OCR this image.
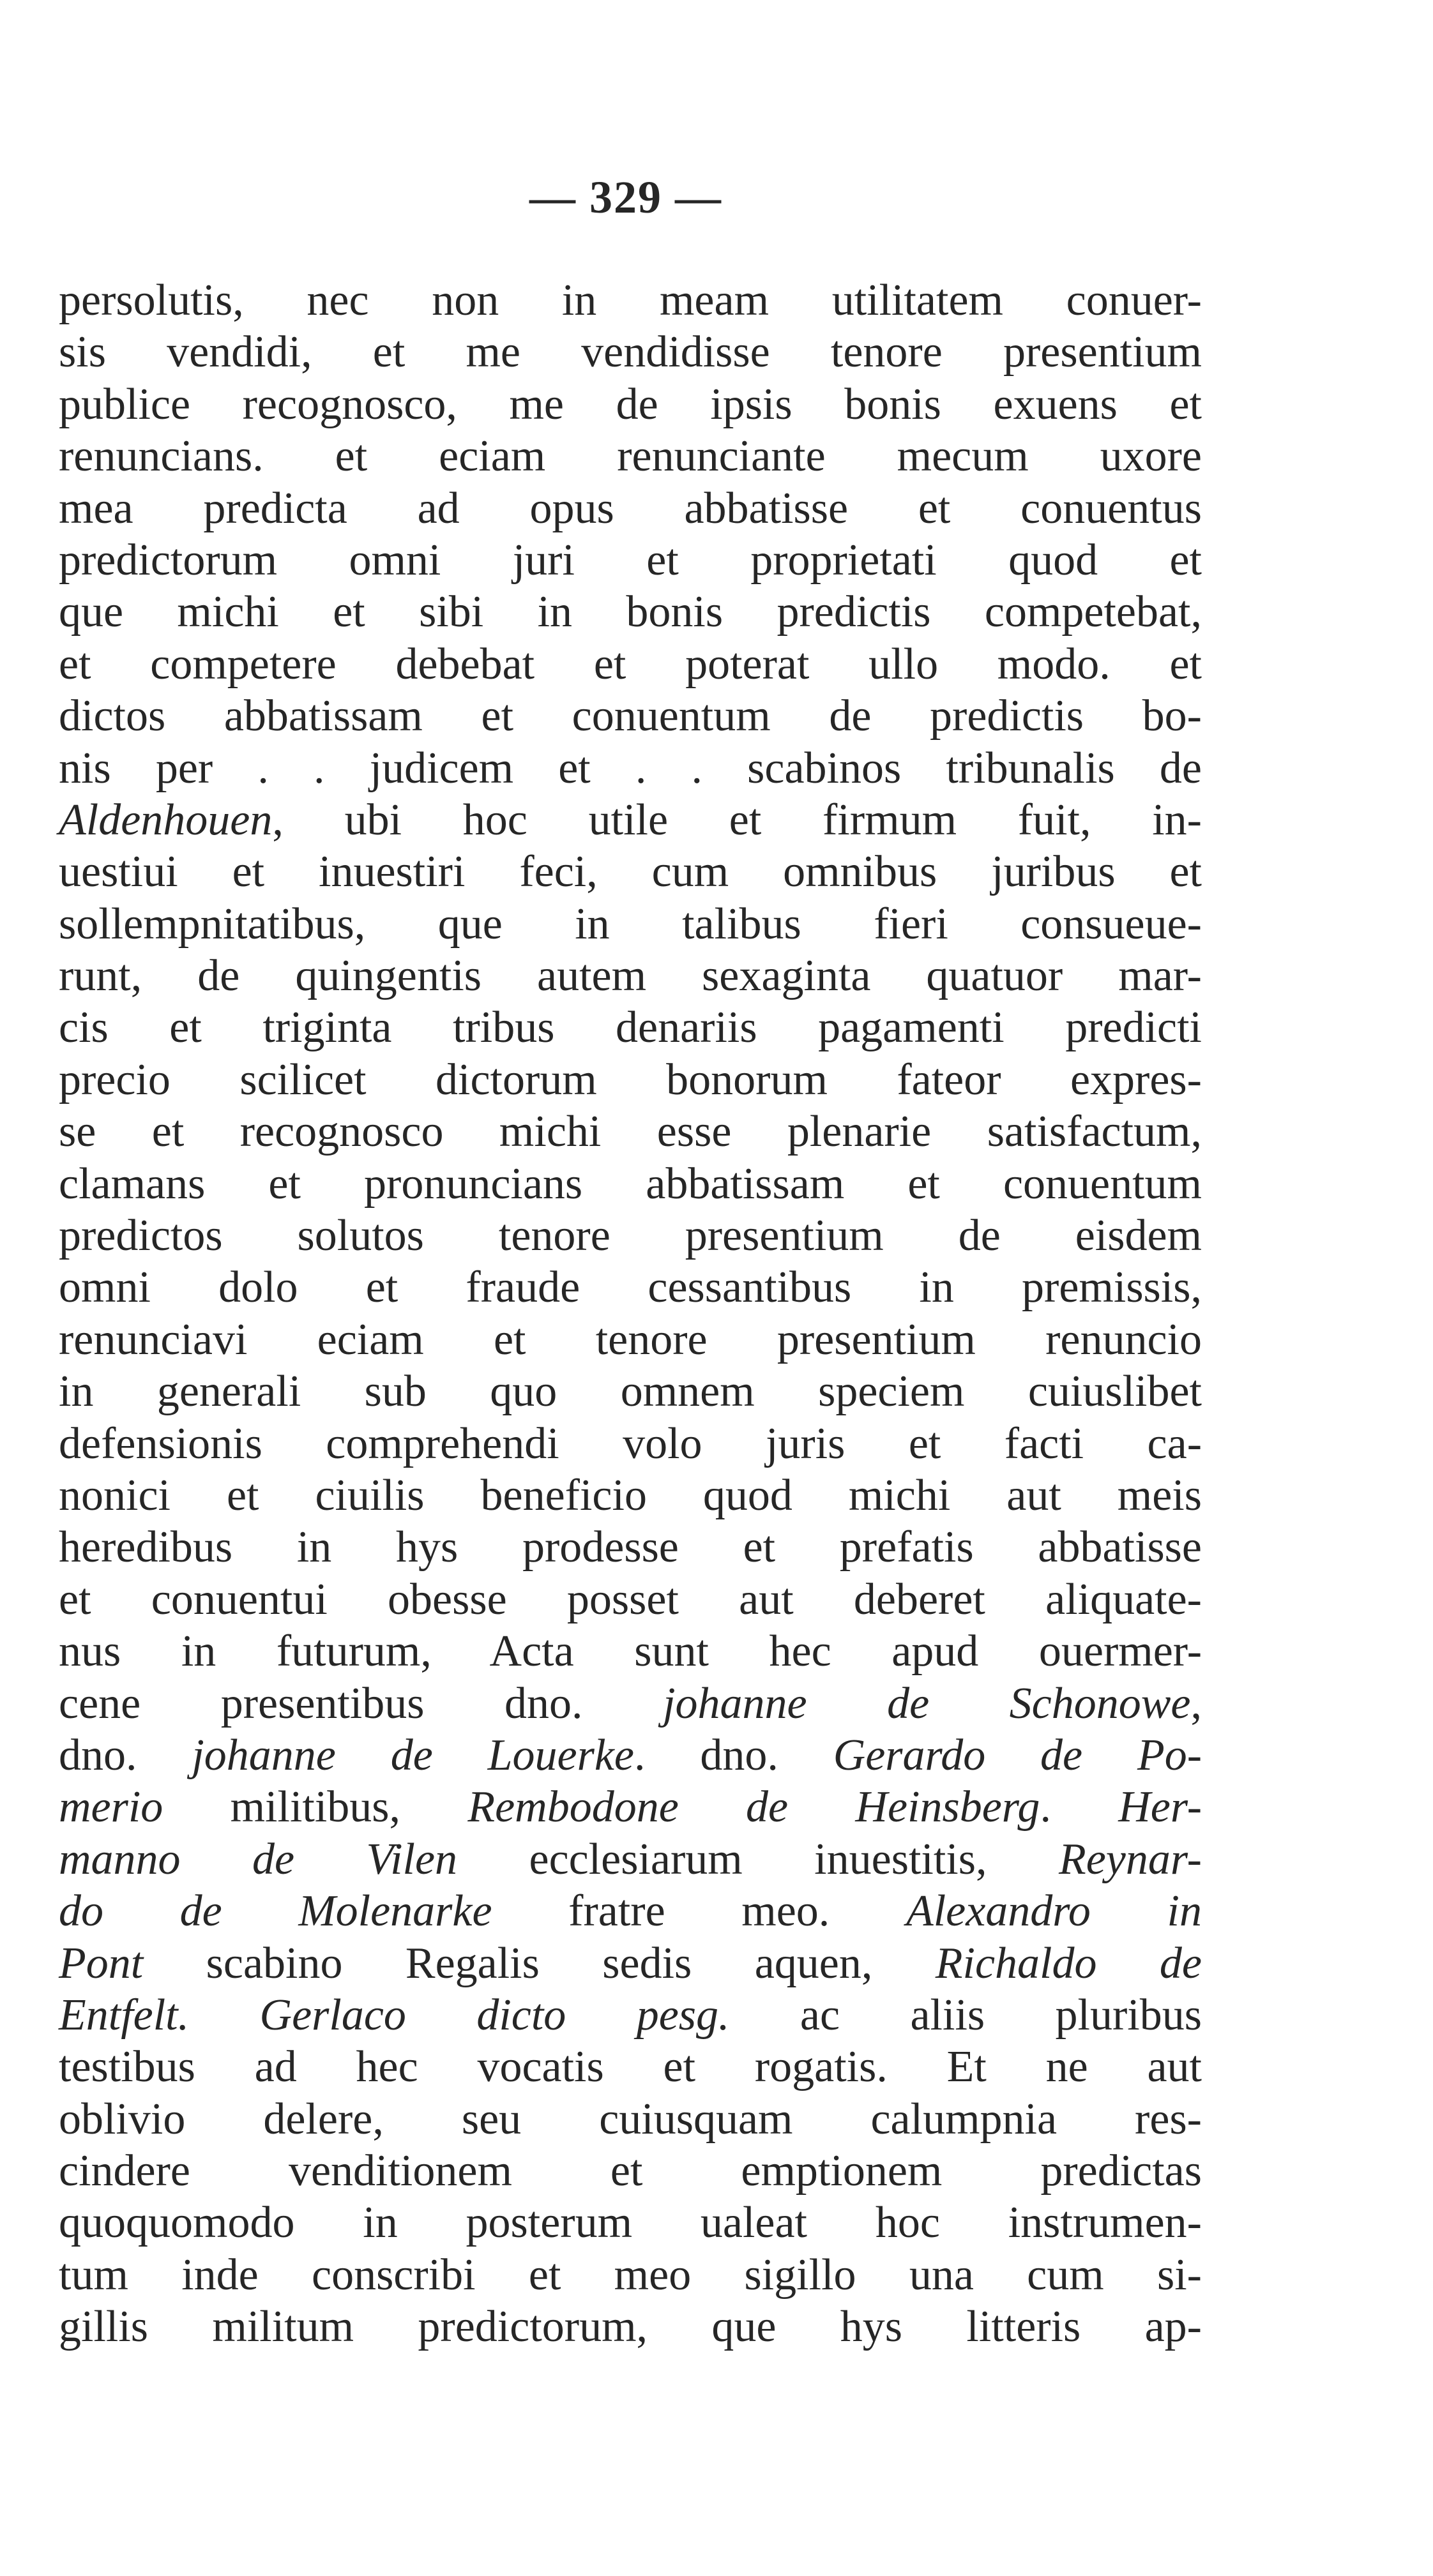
— 329 —
persolutis, nec non in meam utilitatem conuer-
sis vendidi, et me vendidisse tenore presentium
publice recognosco, me de ipsis bonis exuens et
renuncians. et eciam renunciante mecum uxore
mea predicta ad opus abbatisse et conuentus
predictorum omni juri et proprietati quod et
que michi et sibi in bonis predictis competebat,
et competere debebat et poterat ullo modo. et
dictos abbatissam et conuentum de predictis bo-
nis per . . judicem et . . scabinos tribunalis de
Aldenhouen, ubi hoc utile et firmum fuit, in-
uestiui et inuestiri feci, cum omnibus juribus et
sollempnitatibus, que in talibus fieri consueue-
runt, de quingentis autem sexaginta quatuor mar-
cis et triginta tribus denariis pagamenti predicti
precio scilicet dictorum bonorum fateor expres-
se et recognosco michi esse plenarie satisfactum,
clamans et pronuncians abbatissam et conuentum
predictos solutos tenore presentium de eisdem
omni dolo et fraude cessantibus in premissis,
renunciavi eciam et tenore presentium renuncio
in generali sub quo omnem speciem cuiuslibet
defensionis comprehendi volo juris et facti ca-
nonici et ciuilis beneficio quod michi aut meis
heredibus in hys prodesse et prefatis abbatisse
et conuentui obesse posset aut deberet aliquate-
nus in futurum, Acta sunt hec apud ouermer-
cene presentibus dno. johanne de Schonowe,
dno. johanne de Louerke. dno. Gerardo de Po-
merio militibus, Rembodone de Heinsberg. Her-
manno de Vilen ecclesiarum inuestitis, Reynar-
do de Molenarke fratre meo. Alexandro in
Pont scabino Regalis sedis aquen, Richaldo de
Entfelt. Gerlaco dicto pesg. ac aliis pluribus
testibus ad hec vocatis et rogatis. Et ne aut
oblivio delere, seu cuiusquam calumpnia res-
cindere venditionem et emptionem predictas
quoquomodo in posterum ualeat hoc instrumen-
tum inde conscribi et meo sigillo una cum si-
gillis militum predictorum, que hys litteris ap-
